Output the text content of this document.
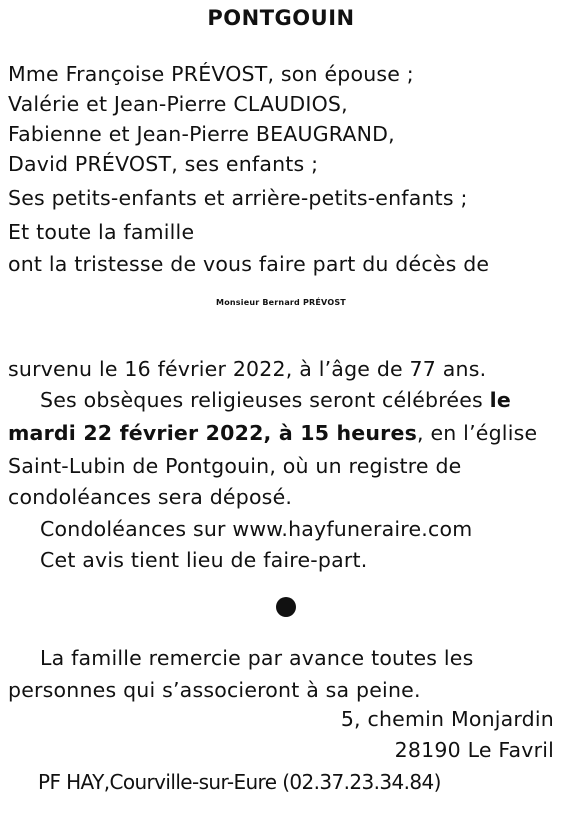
PONTGOUIN
Mme Françoise PRÉVOST, son épouse ;
Valérie et Jean-Pierre CLAUDIOS,
Fabienne et Jean-Pierre BEAUGRAND,
David PRÉVOST, ses enfants ;
Ses petits-enfants et arrière-petits-enfants ;
Et toute la famille
ont la tristesse de vous faire part du décès de
Monsieur Bernard PRÉVOST
survenu le 16 février 2022, à l’âge de 77 ans.
Ses obsèques religieuses seront célébrées le
mardi 22 février 2022, à 15 heures, en l’église
Saint-Lubin de Pontgouin, où un registre de
condoléances sera déposé.
Condoléances sur www.hayfuneraire.com
Cet avis tient lieu de faire-part.
La famille remercie par avance toutes les
personnes qui s’associeront à sa peine.
5, chemin Monjardin
28190 Le Favril
PF HAY,Courville-sur-Eure (02.37.23.34.84)
